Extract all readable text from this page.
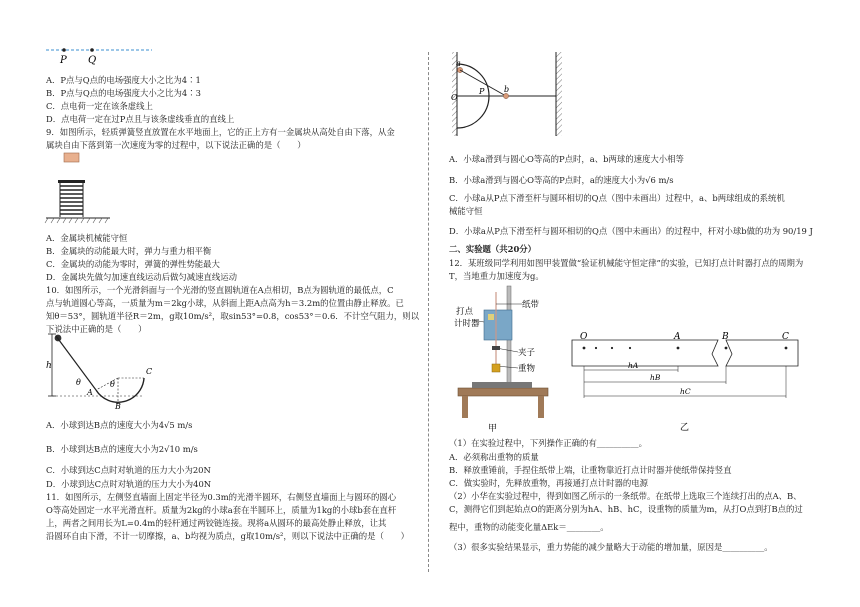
P Q
A．P点与Q点的电场强度大小之比为4∶1
B．P点与Q点的电场强度大小之比为4∶3
C．点电荷一定在该条虚线上
D．点电荷一定在过P点且与该条虚线垂直的直线上
9．如图所示，轻质弹簧竖直放置在水平地面上，它的正上方有一金属块从高处自由下落，从金
属块自由下落到第一次速度为零的过程中，以下说法正确的是（　　）
A．金属块机械能守恒
B．金属块的动能最大时，弹力与重力相平衡
C．金属块的动能为零时，弹簧的弹性势能最大
D．金属块先做匀加速直线运动后做匀减速直线运动
10．如图所示，一个光滑斜面与一个光滑的竖直圆轨道在A点相切，B点为圆轨道的最低点，C
点与轨道圆心等高，一质量为m＝2kg小球，从斜面上距A点高为h＝3.2m的位置由静止释放。已
知θ＝53°，圆轨道半径R＝2m，g取10m/s²，取sin53°=0.8，cos53°＝0.6．不计空气阻力，则以
下说法中正确的是（　　）
h
θ	θ
A
B
C
A．小球到达B点的速度大小为4√5 m/s
B．小球到达B点的速度大小为2√10 m/s
C．小球到达C点时对轨道的压力大小为20N
D．小球到达C点时对轨道的压力大小为40N
11．如图所示，左侧竖直墙面上固定半径为0.3m的光滑半圆环，右侧竖直墙面上与圆环的圆心
O等高处固定一水平光滑直杆。质量为2kg的小球a套在半圆环上，质量为1kg的小球b套在直杆
上，两者之间用长为L=0.4m的轻杆通过两铰链连接。现将a从圆环的最高处静止释放，让其
沿圆环自由下滑，不计一切摩擦，a、b均视为质点，g取10m/s²，则以下说法中正确的是（　　）
a
O
P b
A．小球a滑到与圆心O等高的P点时，a、b两球的速度大小相等
B．小球a滑到与圆心O等高的P点时，a的速度大小为√6 m/s
C．小球a从P点下滑至杆与圆环相切的Q点（图中未画出）过程中，a、b两球组成的系统机
械能守恒
D．小球a从P点下滑至杆与圆环相切的Q点（图中未画出）的过程中，杆对小球b做的功为 90/19 J
二、实验题（共20分）
12．某班级同学利用如图甲装置做“验证机械能守恒定律”的实验，已知打点计时器打点的周期为
T，当地重力加速度为g。
打点
计时器
纸带
夹子
重物
甲
O	A	B	C
hA
hB
hC
乙
（1）在实验过程中，下列操作正确的有__________。
A．必须称出重物的质量
B．释放重锤前，手捏住纸带上端，让重物靠近打点计时器并使纸带保持竖直
C．做实验时，先释放重物，再接通打点计时器的电源
（2）小华在实验过程中，得到如图乙所示的一条纸带。在纸带上选取三个连续打出的点A、B、
C，测得它们到起始点O的距离分别为hA、hB、hC，设重物的质量为m，从打O点到打B点的过
程中，重物的动能变化量ΔEk＝________。
（3）很多实验结果显示，重力势能的减少量略大于动能的增加量，原因是__________。
